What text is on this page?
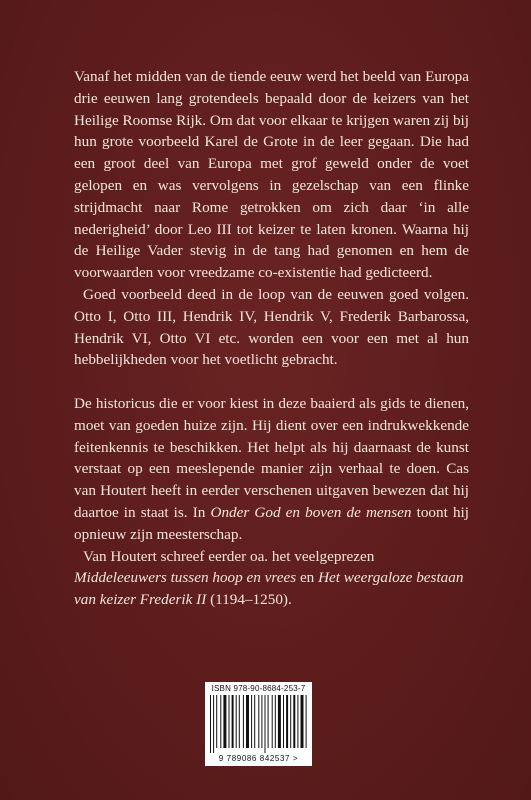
Vanaf het midden van de tiende eeuw werd het beeld van Europa drie eeuwen lang grotendeels bepaald door de keizers van het Heilige Roomse Rijk. Om dat voor elkaar te krijgen waren zij bij hun grote voorbeeld Karel de Grote in de leer gegaan. Die had een groot deel van Europa met grof geweld onder de voet gelopen en was vervolgens in gezelschap van een flinke strijdmacht naar Rome getrokken om zich daar ‘in alle nederigheid’ door Leo III tot keizer te laten kronen. Waarna hij de Heilige Vader stevig in de tang had genomen en hem de voorwaarden voor vreedzame co-existentie had gedicteerd.

Goed voorbeeld deed in de loop van de eeuwen goed volgen. Otto I, Otto III, Hendrik IV, Hendrik V, Frederik Barbarossa, Hendrik VI, Otto VI etc. worden een voor een met al hun hebbelijkheden voor het voetlicht gebracht.

De historicus die er voor kiest in deze baaierd als gids te dienen, moet van goeden huize zijn. Hij dient over een indrukwekkende feitenkennis te beschikken. Het helpt als hij daarnaast de kunst verstaat op een meeslepende manier zijn verhaal te doen. Cas van Houtert heeft in eerder verschenen uitgaven bewezen dat hij daartoe in staat is. In Onder God en boven de mensen toont hij opnieuw zijn meesterschap.

Van Houtert schreef eerder oa. het veelgeprezen Middeleeuwers tussen hoop en vrees en Het weergaloze bestaan van keizer Frederik II (1194–1250).

ISBN 978-90-8684-253-7
9 789086 842537 >
